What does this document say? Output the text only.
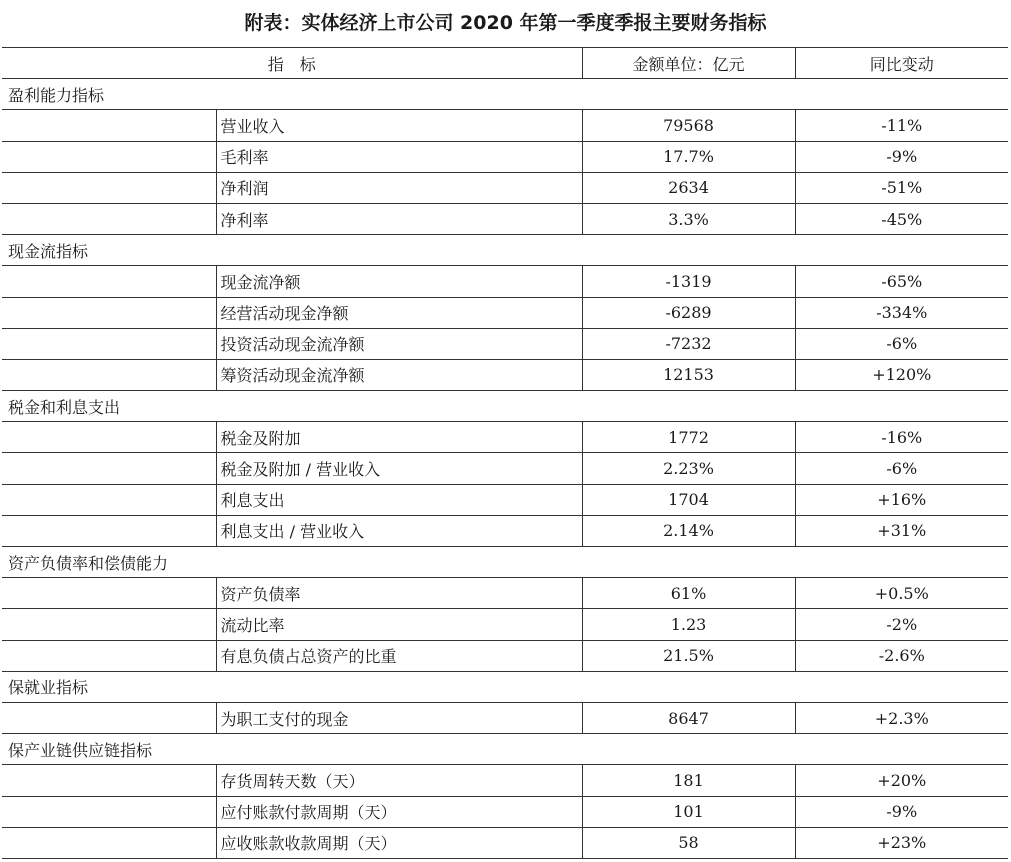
附表：实体经济上市公司 2020 年第一季度季报主要财务指标
指　标		金额单位：亿元	同比变动
盈利能力指标			
	营业收入	79568	-11%
	毛利率	17.7%	-9%
	净利润	2634	-51%
	净利率	3.3%	-45%
现金流指标			
	现金流净额	-1319	-65%
	经营活动现金净额	-6289	-334%
	投资活动现金流净额	-7232	-6%
	筹资活动现金流净额	12153	+120%
税金和利息支出			
	税金及附加	1772	-16%
	税金及附加 / 营业收入	2.23%	-6%
	利息支出	1704	+16%
	利息支出 / 营业收入	2.14%	+31%
资产负债率和偿债能力			
	资产负债率	61%	+0.5%
	流动比率	1.23	-2%
	有息负债占总资产的比重	21.5%	-2.6%
保就业指标			
	为职工支付的现金	8647	+2.3%
保产业链供应链指标			
	存货周转天数（天）	181	+20%
	应付账款付款周期（天）	101	-9%
	应收账款收款周期（天）	58	+23%
